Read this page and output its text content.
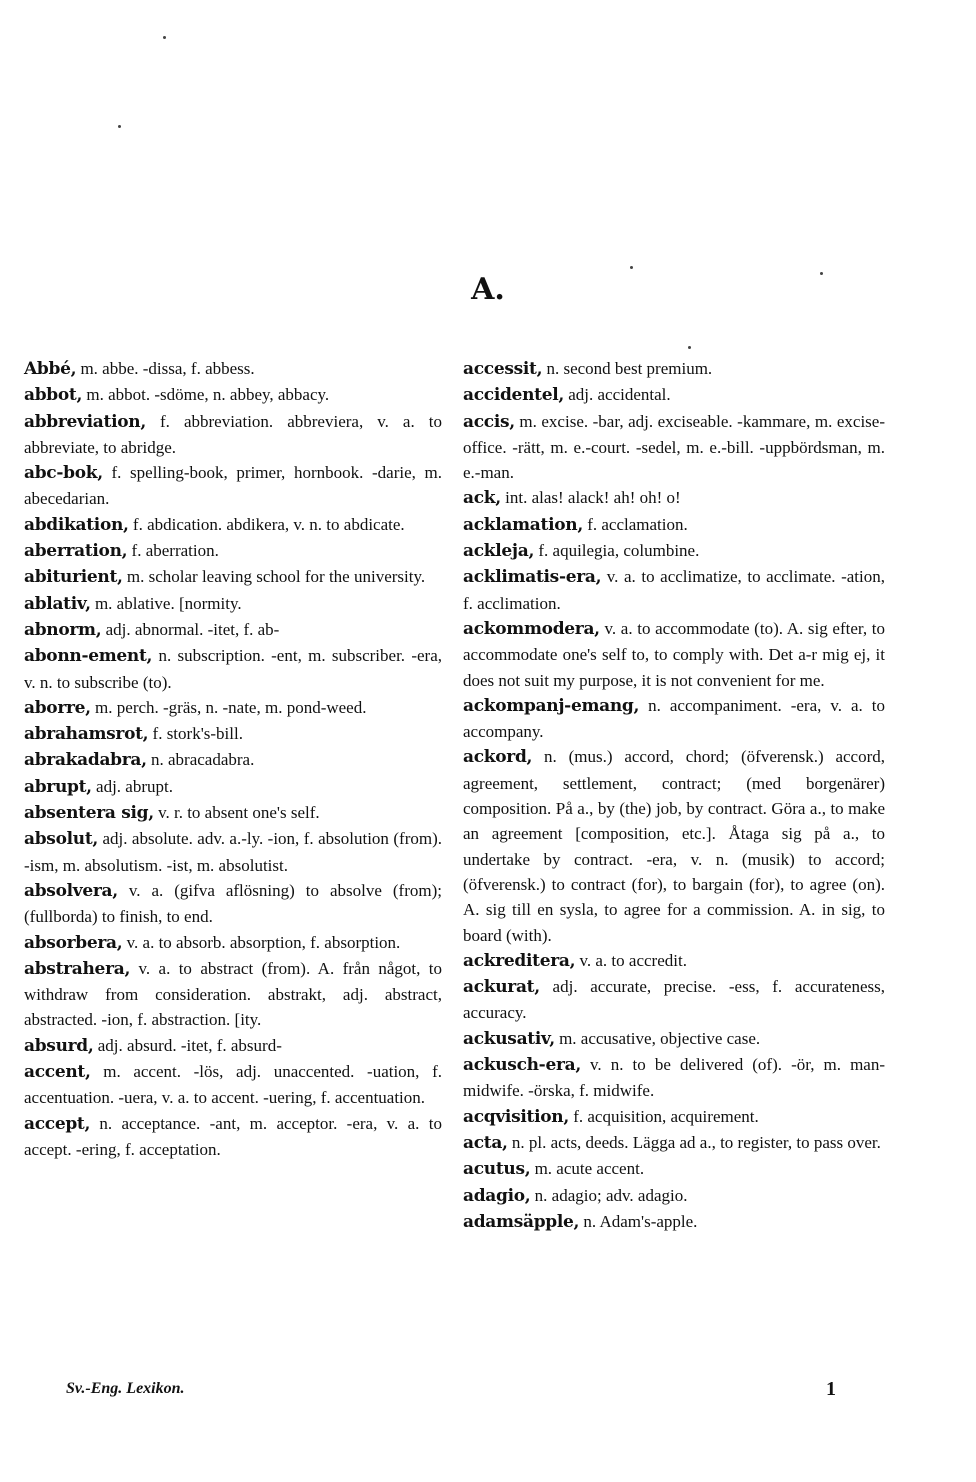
A.
Abbé, m. abbe. -dissa, f. abbess.
abbot, m. abbot. -sdöme, n. abbey, abbacy.
abbreviation, f. abbreviation. abbreviera, v. a. to abbreviate, to abridge.
abc-bok, f. spelling-book, primer, hornbook. -darie, m. abecedarian.
abdikation, f. abdication. abdikera, v. n. to abdicate.
aberration, f. aberration.
abiturient, m. scholar leaving school for the university.
ablativ, m. ablative. [normity.
abnorm, adj. abnormal. -itet, f. ab-
abonn-ement, n. subscription. -ent, m. subscriber. -era, v. n. to subscribe (to).
aborre, m. perch. -gräs, n. -nate, m. pond-weed.
abrahamsrot, f. stork's-bill.
abrakadabra, n. abracadabra.
abrupt, adj. abrupt.
absentera sig, v. r. to absent one's self.
absolut, adj. absolute. adv. a.-ly. -ion, f. absolution (from). -ism, m. absolutism. -ist, m. absolutist.
absolvera, v. a. (gifva aflösning) to absolve (from); (fullborda) to finish, to end.
absorbera, v. a. to absorb. absorption, f. absorption.
abstrahera, v. a. to abstract (from). A. från något, to withdraw from consideration. abstrakt, adj. abstract, abstracted. -ion, f. abstraction. [ity.
absurd, adj. absurd. -itet, f. absurd-
accent, m. accent. -lös, adj. unaccented. -uation, f. accentuation. -uera, v. a. to accent. -uering, f. accentuation.
accept, n. acceptance. -ant, m. acceptor. -era, v. a. to accept. -ering, f. acceptation.
accessit, n. second best premium.
accidentel, adj. accidental.
accis, m. excise. -bar, adj. exciseable. -kammare, m. excise-office. -rätt, m. e.-court. -sedel, m. e.-bill. -uppbördsman, m. e.-man.
ack, int. alas! alack! ah! oh! o!
acklamation, f. acclamation.
ackleja, f. aquilegia, columbine.
acklimatis-era, v. a. to acclimatize, to acclimate. -ation, f. acclimation.
ackommodera, v. a. to accommodate (to). A. sig efter, to accommodate one's self to, to comply with. Det a-r mig ej, it does not suit my purpose, it is not convenient for me.
ackompanj-emang, n. accompaniment. -era, v. a. to accompany.
ackord, n. (mus.) accord, chord; (öfverensk.) accord, agreement, settlement, contract; (med borgenärer) composition. På a., by (the) job, by contract. Göra a., to make an agreement [composition, etc.]. Åtaga sig på a., to undertake by contract. -era, v. n. (musik) to accord; (öfverensk.) to contract (for), to bargain (for), to agree (on). A. sig till en sysla, to agree for a commission. A. in sig, to board (with).
ackreditera, v. a. to accredit.
ackurat, adj. accurate, precise. -ess, f. accurateness, accuracy.
ackusativ, m. accusative, objective case.
ackusch-era, v. n. to be delivered (of). -ör, m. man-midwife. -örska, f. midwife.
acqvisition, f. acquisition, acquirement.
acta, n. pl. acts, deeds. Lägga ad a., to register, to pass over.
acutus, m. acute accent.
adagio, n. adagio; adv. adagio.
adamsäpple, n. Adam's-apple.
Sv.-Eng. Lexikon.	1
